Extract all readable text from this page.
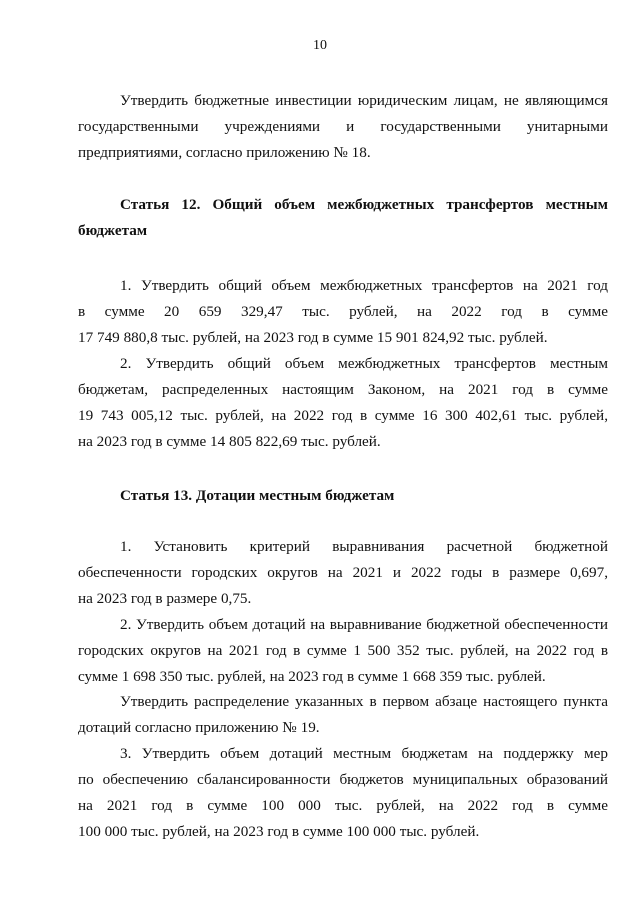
10
Утвердить бюджетные инвестиции юридическим лицам, не являющимся
государственными учреждениями и государственными унитарными
предприятиями, согласно приложению № 18.
Статья 12. Общий объем межбюджетных трансфертов местным
бюджетам
1. Утвердить общий объем межбюджетных трансфертов на 2021 год
в сумме 20 659 329,47 тыс. рублей, на 2022 год в сумме
17 749 880,8 тыс. рублей, на 2023 год в сумме 15 901 824,92 тыс. рублей.
2. Утвердить общий объем межбюджетных трансфертов местным
бюджетам, распределенных настоящим Законом, на 2021 год в сумме
19 743 005,12 тыс. рублей, на 2022 год в сумме 16 300 402,61 тыс. рублей,
на 2023 год в сумме 14 805 822,69 тыс. рублей.
Статья 13. Дотации местным бюджетам
1. Установить критерий выравнивания расчетной бюджетной
обеспеченности городских округов на 2021 и 2022 годы в размере 0,697,
на 2023 год в размере 0,75.
2. Утвердить объем дотаций на выравнивание бюджетной обеспеченности
городских округов на 2021 год в сумме 1 500 352 тыс. рублей, на 2022 год в
сумме 1 698 350 тыс. рублей, на 2023 год в сумме 1 668 359 тыс. рублей.
Утвердить распределение указанных в первом абзаце настоящего пункта
дотаций согласно приложению № 19.
3. Утвердить объем дотаций местным бюджетам на поддержку мер
по обеспечению сбалансированности бюджетов муниципальных образований
на 2021 год в сумме 100 000 тыс. рублей, на 2022 год в сумме
100 000 тыс. рублей, на 2023 год в сумме 100 000 тыс. рублей.
